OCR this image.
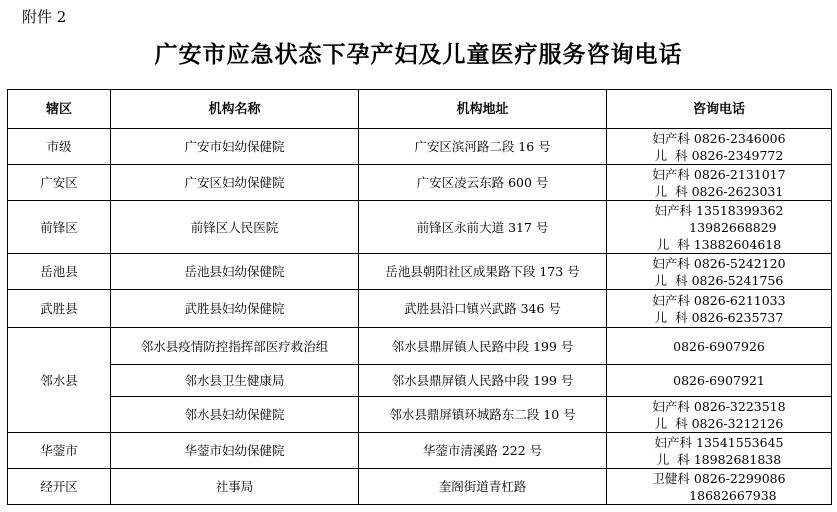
附件 2
广安市应急状态下孕产妇及儿童医疗服务咨询电话
辖区	机构名称	机构地址	咨询电话
市级	广安市妇幼保健院	广安区滨河路二段 16 号	妇产科 0826-2346006
儿  科 0826-2349772

广安区	广安区妇幼保健院	广安区凌云东路 600 号	妇产科 0826-2131017
儿  科 0826-2623031

前锋区	前锋区人民医院	前锋区永前大道 317 号	妇产科 13518399362
13982668829
儿  科 13882604618

岳池县	岳池县妇幼保健院	岳池县朝阳社区成果路下段 173 号	妇产科 0826-5242120
儿  科 0826-5241756

武胜县	武胜县妇幼保健院	武胜县沿口镇兴武路 346 号	妇产科 0826-6211033
儿  科 0826-6235737

邻水县	邻水县疫情防控指挥部医疗救治组	邻水县鼎屏镇人民路中段 199 号	0826-6907926

	邻水县卫生健康局	邻水县鼎屏镇人民路中段 199 号	0826-6907921

	邻水县妇幼保健院	邻水县鼎屏镇环城路东二段 10 号	妇产科 0826-3223518
儿  科 0826-3212126

华蓥市	华蓥市妇幼保健院	华蓥市清溪路 222 号	妇产科 13541553645
儿  科 18982681838

经开区	社事局	奎阁街道青杠路	卫健科 0826-2299086
18682667938
